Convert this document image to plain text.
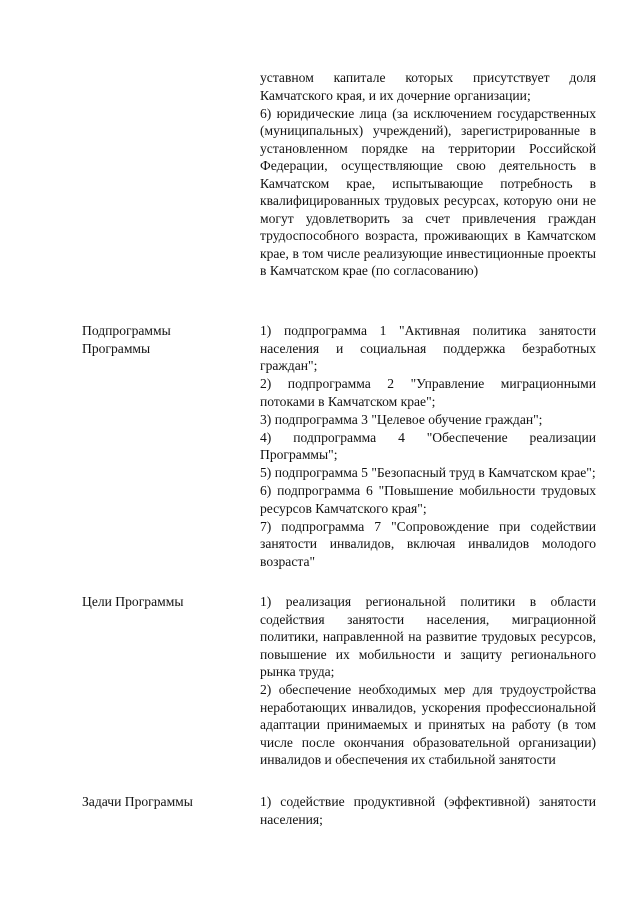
уставном капитале которых присутствует доля Камчатского края, и их дочерние организации;

6) юридические лица (за исключением государственных (муниципальных) учреждений), зарегистрированные в установленном порядке на территории Российской Федерации, осуществляющие свою деятельность в Камчатском крае, испытывающие потребность в квалифицированных трудовых ресурсах, которую они не могут удовлетворить за счет привлечения граждан трудоспособного возраста, проживающих в Камчатском крае, в том числе реализующие инвестиционные проекты в Камчатском крае (по согласованию)

Подпрограммы Программы

1) подпрограмма 1 "Активная политика занятости населения и социальная поддержка безработных граждан";

2) подпрограмма 2 "Управление миграционными потоками в Камчатском крае";

3) подпрограмма 3 "Целевое обучение граждан";

4) подпрограмма 4 "Обеспечение реализации Программы";

5) подпрограмма 5 "Безопасный труд в Камчатском крае";

6) подпрограмма 6 "Повышение мобильности трудовых ресурсов Камчатского края";

7) подпрограмма 7 "Сопровождение при содействии занятости инвалидов, включая инвалидов молодого возраста"

Цели Программы	1) реализация региональной политики в области содействия занятости населения, миграционной политики, направленной на развитие трудовых ресурсов, повышение их мобильности и защиту регионального рынка труда;

2) обеспечение необходимых мер для трудоустройства неработающих инвалидов, ускорения профессиональной адаптации принимаемых и принятых на работу (в том числе после окончания образовательной организации) инвалидов и обеспечения их стабильной занятости

Задачи Программы	1) содействие продуктивной (эффективной) занятости населения;
